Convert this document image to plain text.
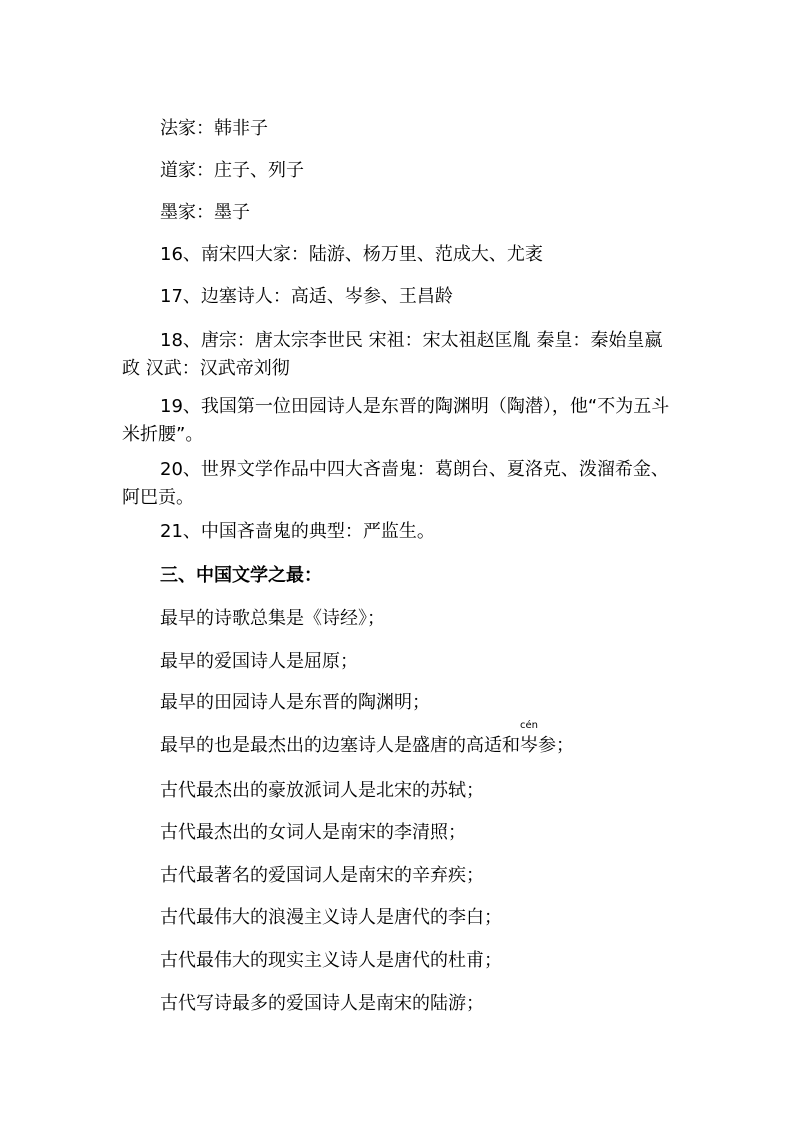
法家：韩非子
道家：庄子、列子
墨家：墨子
16、南宋四大家：陆游、杨万里、范成大、尤袤
17、边塞诗人：高适、岑参、王昌龄
18、唐宗：唐太宗李世民 宋祖：宋太祖赵匡胤 秦皇：秦始皇嬴政 汉武：汉武帝刘彻
19、我国第一位田园诗人是东晋的陶渊明（陶潜），他“不为五斗米折腰”。
20、世界文学作品中四大吝啬鬼：葛朗台、夏洛克、泼溜希金、阿巴贡。
21、中国吝啬鬼的典型：严监生。
三、中国文学之最：
最早的诗歌总集是《诗经》；
最早的爱国诗人是屈原；
最早的田园诗人是东晋的陶渊明；
最早的也是最杰出的边塞诗人是盛唐的高适和
cén
岑参；
古代最杰出的豪放派词人是北宋的苏轼；
古代最杰出的女词人是南宋的李清照；
古代最著名的爱国词人是南宋的辛弃疾；
古代最伟大的浪漫主义诗人是唐代的李白；
古代最伟大的现实主义诗人是唐代的杜甫；
古代写诗最多的爱国诗人是南宋的陆游；
